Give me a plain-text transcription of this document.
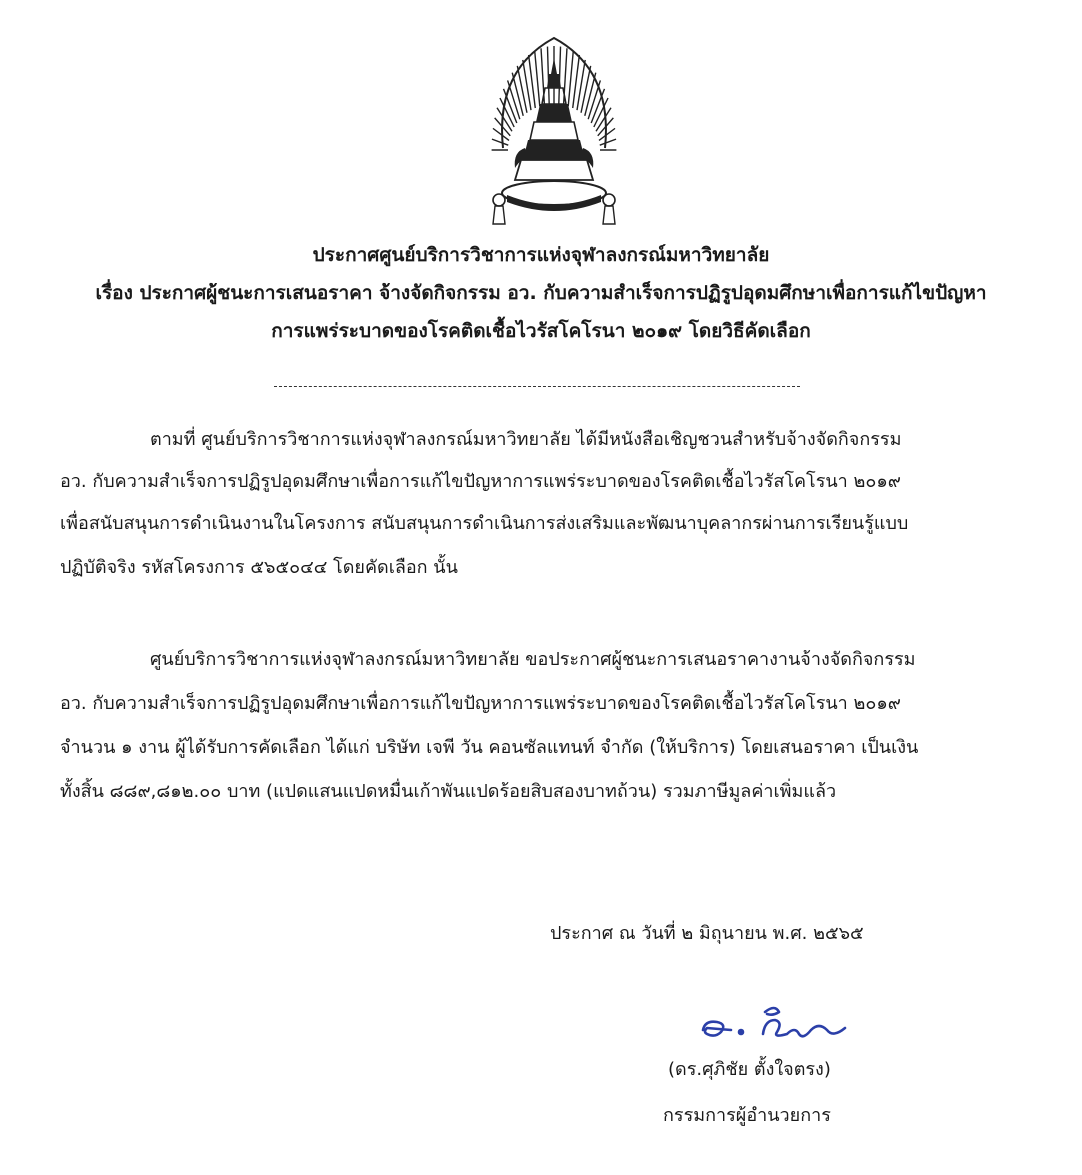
ประกาศศูนย์บริการวิชาการแห่งจุฬาลงกรณ์มหาวิทยาลัย
เรื่อง ประกาศผู้ชนะการเสนอราคา จ้างจัดกิจกรรม อว. กับความสำเร็จการปฏิรูปอุดมศึกษาเพื่อการแก้ไขปัญหา
การแพร่ระบาดของโรคติดเชื้อไวรัสโคโรนา ๒๐๑๙ โดยวิธีคัดเลือก
ตามที่ ศูนย์บริการวิชาการแห่งจุฬาลงกรณ์มหาวิทยาลัย ได้มีหนังสือเชิญชวนสำหรับจ้างจัดกิจกรรม
อว. กับความสำเร็จการปฏิรูปอุดมศึกษาเพื่อการแก้ไขปัญหาการแพร่ระบาดของโรคติดเชื้อไวรัสโคโรนา ๒๐๑๙
เพื่อสนับสนุนการดำเนินงานในโครงการ สนับสนุนการดำเนินการส่งเสริมและพัฒนาบุคลากรผ่านการเรียนรู้แบบ
ปฏิบัติจริง รหัสโครงการ ๕๖๕๐๔๔ โดยคัดเลือก นั้น
ศูนย์บริการวิชาการแห่งจุฬาลงกรณ์มหาวิทยาลัย ขอประกาศผู้ชนะการเสนอราคางานจ้างจัดกิจกรรม
อว. กับความสำเร็จการปฏิรูปอุดมศึกษาเพื่อการแก้ไขปัญหาการแพร่ระบาดของโรคติดเชื้อไวรัสโคโรนา ๒๐๑๙
จำนวน ๑ งาน ผู้ได้รับการคัดเลือก ได้แก่ บริษัท เจพี วัน คอนซัลแทนท์ จำกัด (ให้บริการ) โดยเสนอราคา เป็นเงิน
ทั้งสิ้น ๘๘๙,๘๑๒.๐๐ บาท (แปดแสนแปดหมื่นเก้าพันแปดร้อยสิบสองบาทถ้วน) รวมภาษีมูลค่าเพิ่มแล้ว
ประกาศ ณ วันที่ ๒ มิถุนายน พ.ศ. ๒๕๖๕
(ดร.ศุภิชัย ตั้งใจตรง)
กรรมการผู้อำนวยการ
